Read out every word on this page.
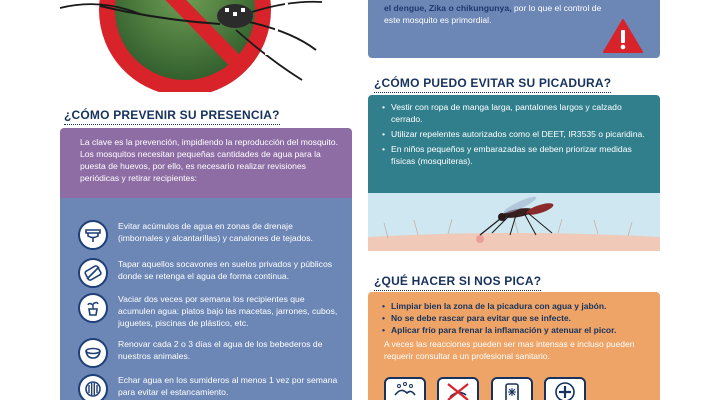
el dengue, Zika o chikungunya, por lo que el control de este mosquito es primordial.
¿CÓMO PREVENIR SU PRESENCIA?

La clave es la prevención, impidiendo la reproducción del mosquito. Los mosquitos necesitan pequeñas cantidades de agua para la puesta de huevos, por ello, es necesario realizar revisiones periódicas y retirar recipientes:

Evitar acúmulos de agua en zonas de drenaje (imbornales y alcantarillas) y canalones de tejados.
Tapar aquellos socavones en suelos privados y públicos donde se retenga el agua de forma continua.
Vaciar dos veces por semana los recipientes que acumulen agua: platos bajo las macetas, jarrones, cubos, juguetes, piscinas de plástico, etc.
Renovar cada 2 o 3 días el agua de los bebederos de nuestros animales.
Echar agua en los sumideros al menos 1 vez por semana para evitar el estancamiento.
¿CÓMO PUEDO EVITAR SU PICADURA?
• Vestir con ropa de manga larga, pantalones largos y calzado cerrado.
• Utilizar repelentes autorizados como el DEET, IR3535 o picaridina.
• En niños pequeños y embarazadas se deben priorizar medidas físicas (mosquiteras).
¿QUÉ HACER SI NOS PICA?
• Limpiar bien la zona de la picadura con agua y jabón.
• No se debe rascar para evitar que se infecte.
• Aplicar frío para frenar la inflamación y atenuar el picor.

A veces las reacciones pueden ser mas intensas e incluso pueden requerir consultar a un profesional sanitario.
